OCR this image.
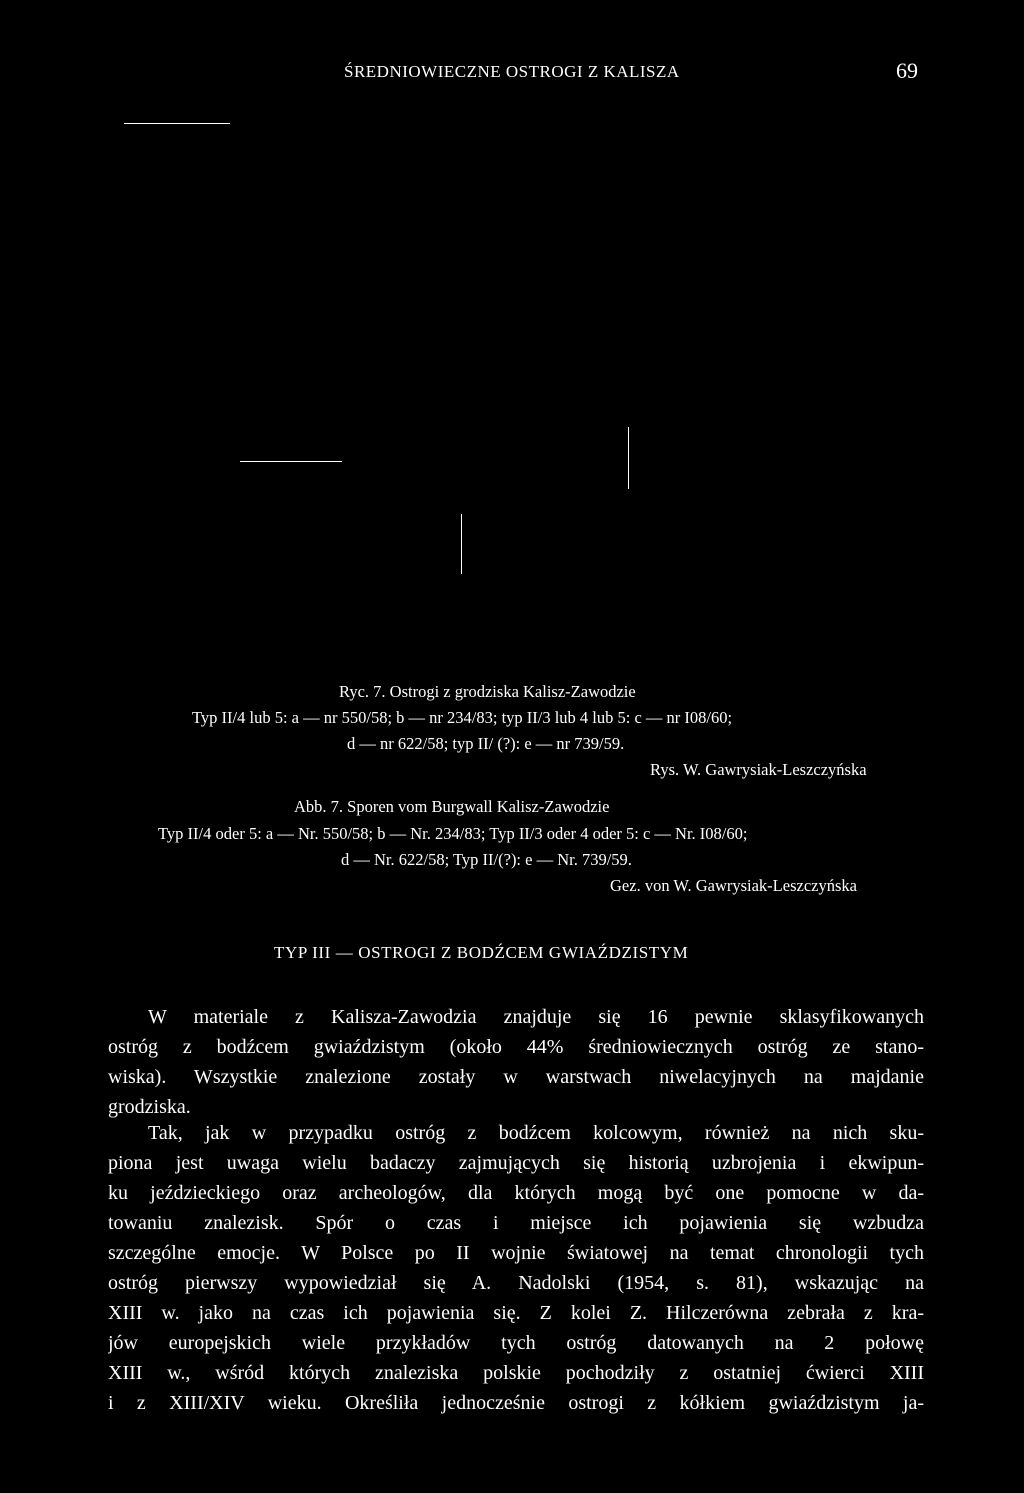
ŚREDNIOWIECZNE OSTROGI Z KALISZA	69
Ryc. 7. Ostrogi z grodziska Kalisz-Zawodzie
Typ II/4 lub 5: a — nr 550/58; b — nr 234/83; typ II/3 lub 4 lub 5: c — nr I08/60;
d — nr 622/58; typ II/ (?): e — nr 739/59.
Rys. W. Gawrysiak-Leszczyńska
Abb. 7. Sporen vom Burgwall Kalisz-Zawodzie
Typ II/4 oder 5: a — Nr. 550/58; b — Nr. 234/83; Typ II/3 oder 4 oder 5: c — Nr. I08/60;
d — Nr. 622/58; Typ II/(?): e — Nr. 739/59.
Gez. von W. Gawrysiak-Leszczyńska
TYP III — OSTROGI Z BODŹCEM GWIAŹDZISTYM
W materiale z Kalisza-Zawodzia znajduje się 16 pewnie sklasyfikowanych
ostróg z bodźcem gwiaździstym (około 44% średniowiecznych ostróg ze stano-
wiska). Wszystkie znalezione zostały w warstwach niwelacyjnych na majdanie
grodziska.
Tak, jak w przypadku ostróg z bodźcem kolcowym, również na nich sku-
piona jest uwaga wielu badaczy zajmujących się historią uzbrojenia i ekwipun-
ku jeździeckiego oraz archeologów, dla których mogą być one pomocne w da-
towaniu znalezisk. Spór o czas i miejsce ich pojawienia się wzbudza
szczególne emocje. W Polsce po II wojnie światowej na temat chronologii tych
ostróg pierwszy wypowiedział się A. Nadolski (1954, s. 81), wskazując na
XIII w. jako na czas ich pojawienia się. Z kolei Z. Hilczerówna zebrała z kra-
jów europejskich wiele przykładów tych ostróg datowanych na 2 połowę
XIII w., wśród których znaleziska polskie pochodziły z ostatniej ćwierci XIII
i z XIII/XIV wieku. Określiła jednocześnie ostrogi z kółkiem gwiaździstym ja-
